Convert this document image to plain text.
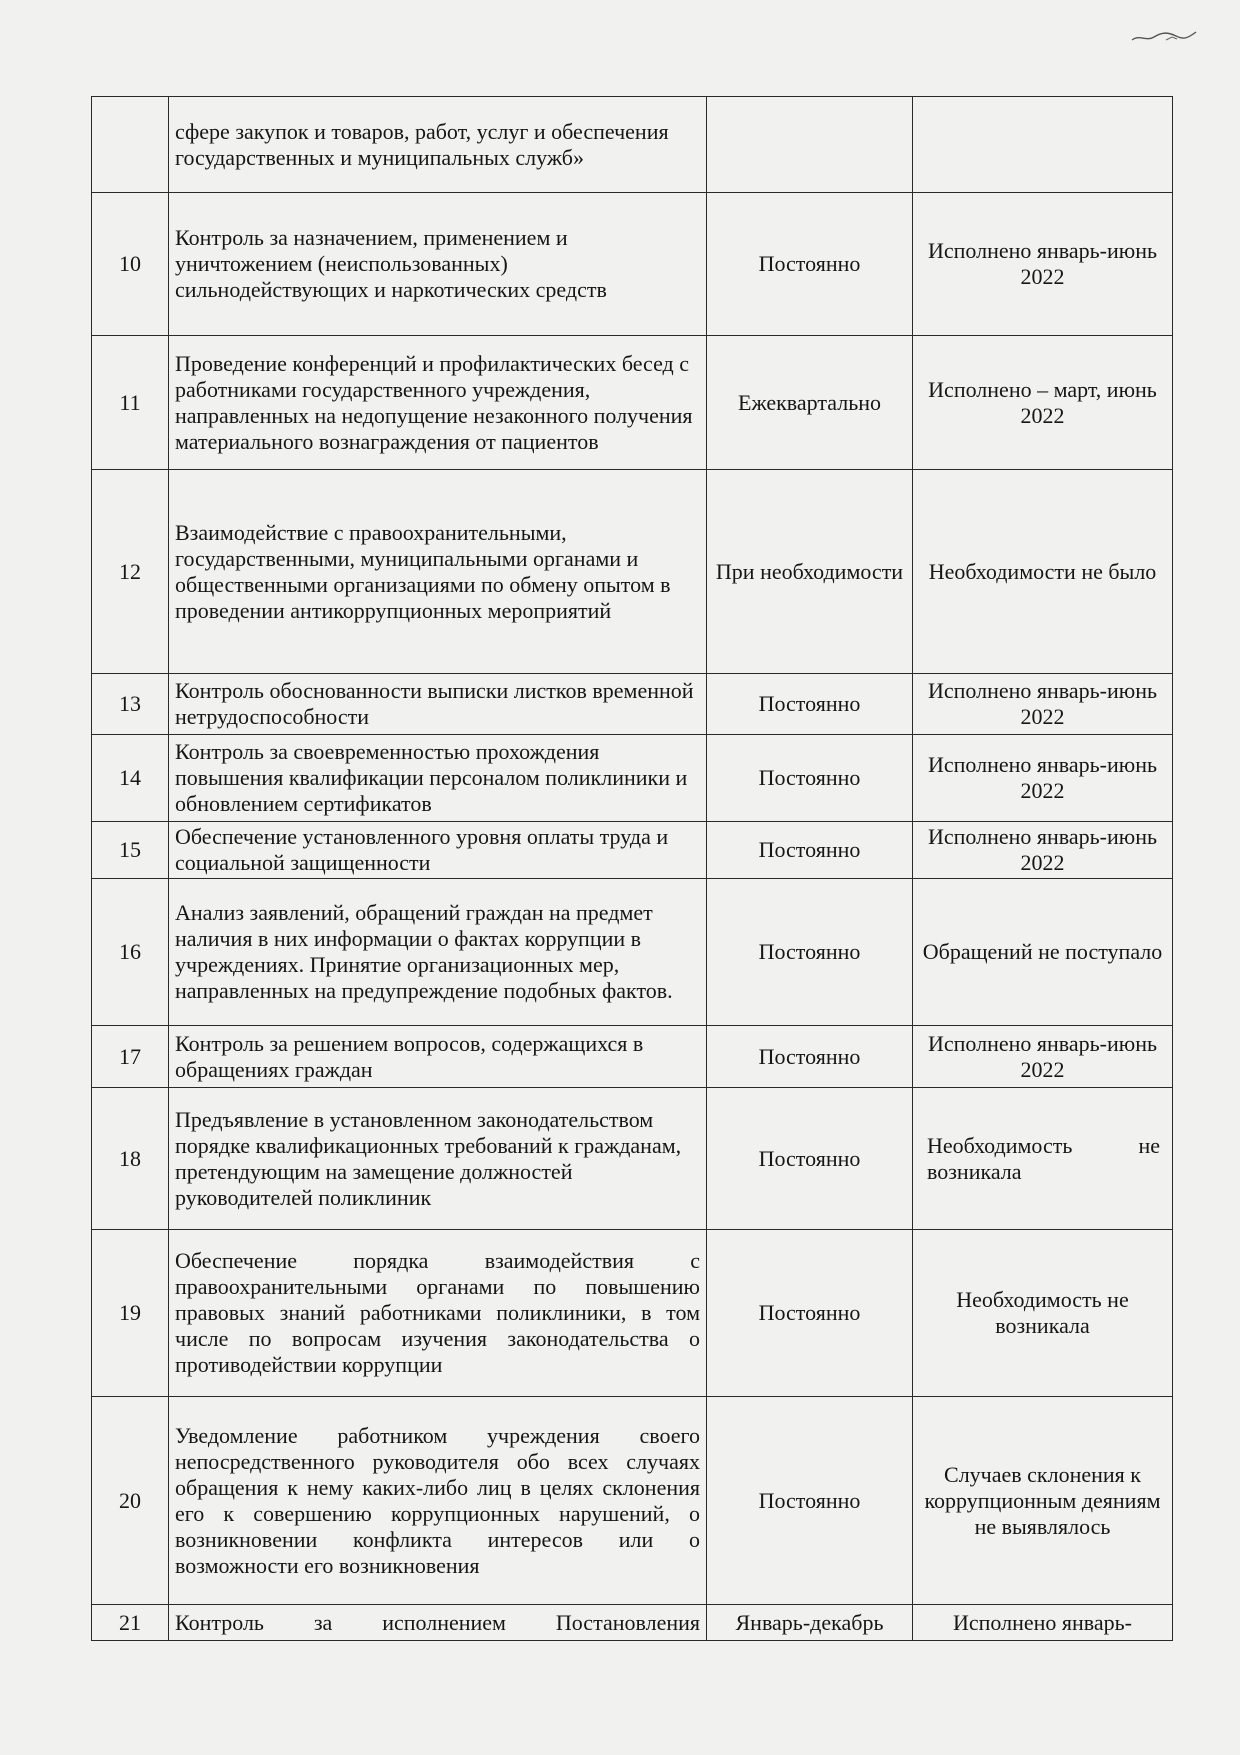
	сфере закупок и товаров, работ, услуг и обеспечения государственных и муниципальных служб»		
10	Контроль за назначением, применением и уничтожением (неиспользованных) сильнодействующих и наркотических средств	Постоянно	Исполнено январь-июнь 2022
11	Проведение конференций и профилактических бесед с работниками государственного учреждения, направленных на недопущение незаконного получения материального вознаграждения от пациентов	Ежеквартально	Исполнено – март, июнь 2022
12	Взаимодействие с правоохранительными, государственными, муниципальными органами и общественными организациями по обмену опытом в проведении антикоррупционных мероприятий	При необходимости	Необходимости не было
13	Контроль обоснованности выписки листков временной нетрудоспособности	Постоянно	Исполнено январь-июнь 2022
14	Контроль за своевременностью прохождения повышения квалификации персоналом поликлиники и обновлением сертификатов	Постоянно	Исполнено январь-июнь 2022
15	Обеспечение установленного уровня оплаты труда и социальной защищенности	Постоянно	Исполнено январь-июнь 2022
16	Анализ заявлений, обращений граждан на предмет наличия в них информации о фактах коррупции в учреждениях. Принятие организационных мер, направленных на предупреждение подобных фактов.	Постоянно	Обращений не поступало
17	Контроль за решением вопросов, содержащихся в обращениях граждан	Постоянно	Исполнено январь-июнь 2022
18	Предъявление в установленном законодательством порядке квалификационных требований к гражданам, претендующим на замещение должностей руководителей поликлиник	Постоянно	Необходимость не возникала
19	Обеспечение порядка взаимодействия с правоохранительными органами по повышению правовых знаний работниками поликлиники, в том числе по вопросам изучения законодательства о противодействии коррупции	Постоянно	Необходимость не возникала
20	Уведомление работником учреждения своего непосредственного руководителя обо всех случаях обращения к нему каких-либо лиц в целях склонения его к совершению коррупционных нарушений, о возникновении конфликта интересов или о возможности его возникновения	Постоянно	Случаев склонения к коррупционным деяниям не выявлялось
21	Контроль за исполнением Постановления	Январь-декабрь	Исполнено январь-
